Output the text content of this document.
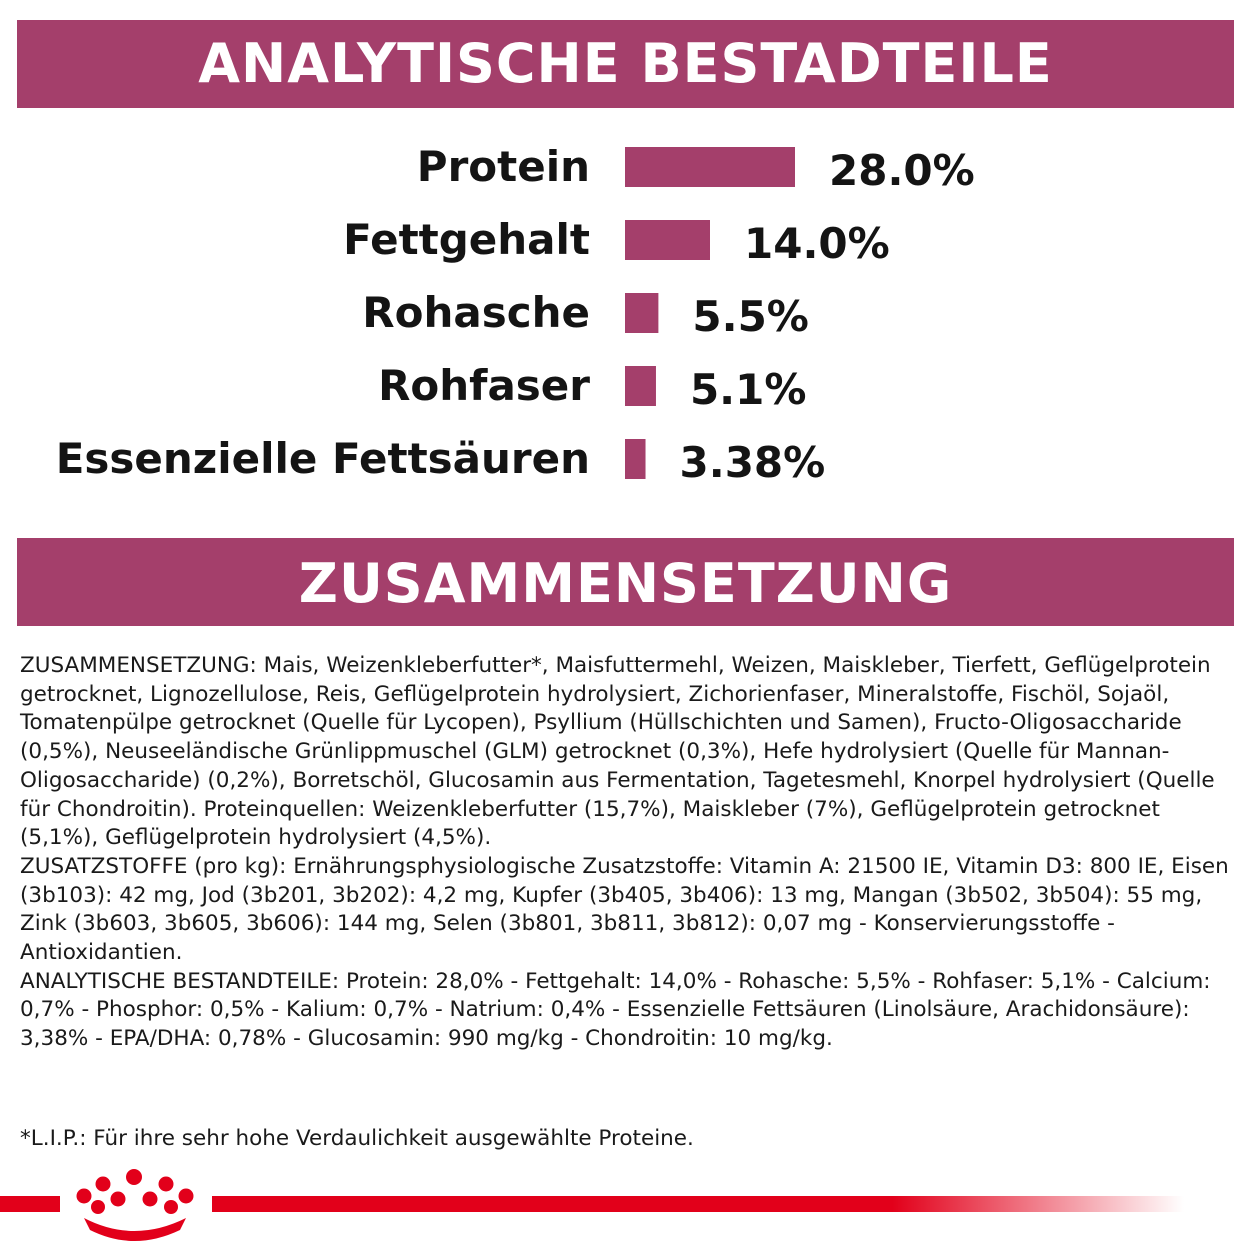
ANALYTISCHE BESTADTEILE
Protein	28.0%
Fettgehalt	14.0%
Rohasche 5.5%
Rohfaser 5.1%
Essenzielle Fettsäuren 3.38%
ZUSAMMENSETZUNG

ZUSAMMENSETZUNG: Mais, Weizenkleberfutter*, Maisfuttermehl, Weizen, Maiskleber, Tierfett, Geflügelprotein getrocknet, Lignozellulose, Reis, Geflügelprotein hydrolysiert, Zichorienfaser, Mineralstoffe, Fischöl, Sojaöl, Tomatenpülpe getrocknet (Quelle für Lycopen), Psyllium (Hüllschichten und Samen), Fructo-Oligosaccharide (0,5%), Neuseeländische Grünlippmuschel (GLM) getrocknet (0,3%), Hefe hydrolysiert (Quelle für Mannan-Oligosaccharide) (0,2%), Borretschöl, Glucosamin aus Fermentation, Tagetesmehl, Knorpel hydrolysiert (Quelle für Chondroitin). Proteinquellen: Weizenkleberfutter (15,7%), Maiskleber (7%), Geflügelprotein getrocknet (5,1%), Geflügelprotein hydrolysiert (4,5%).

ZUSATZSTOFFE (pro kg): Ernährungsphysiologische Zusatzstoffe: Vitamin A: 21500 IE, Vitamin D3: 800 IE, Eisen (3b103): 42 mg, Jod (3b201, 3b202): 4,2 mg, Kupfer (3b405, 3b406): 13 mg, Mangan (3b502, 3b504): 55 mg, Zink (3b603, 3b605, 3b606): 144 mg, Selen (3b801, 3b811, 3b812): 0,07 mg - Konservierungsstoffe - Antioxidantien.

ANALYTISCHE BESTANDTEILE: Protein: 28,0% - Fettgehalt: 14,0% - Rohasche: 5,5% - Rohfaser: 5,1% - Calcium: 0,7% - Phosphor: 0,5% - Kalium: 0,7% - Natrium: 0,4% - Essenzielle Fettsäuren (Linolsäure, Arachidonsäure): 3,38% - EPA/DHA: 0,78% - Glucosamin: 990 mg/kg - Chondroitin: 10 mg/kg.

*L.I.P.: Für ihre sehr hohe Verdaulichkeit ausgewählte Proteine.
